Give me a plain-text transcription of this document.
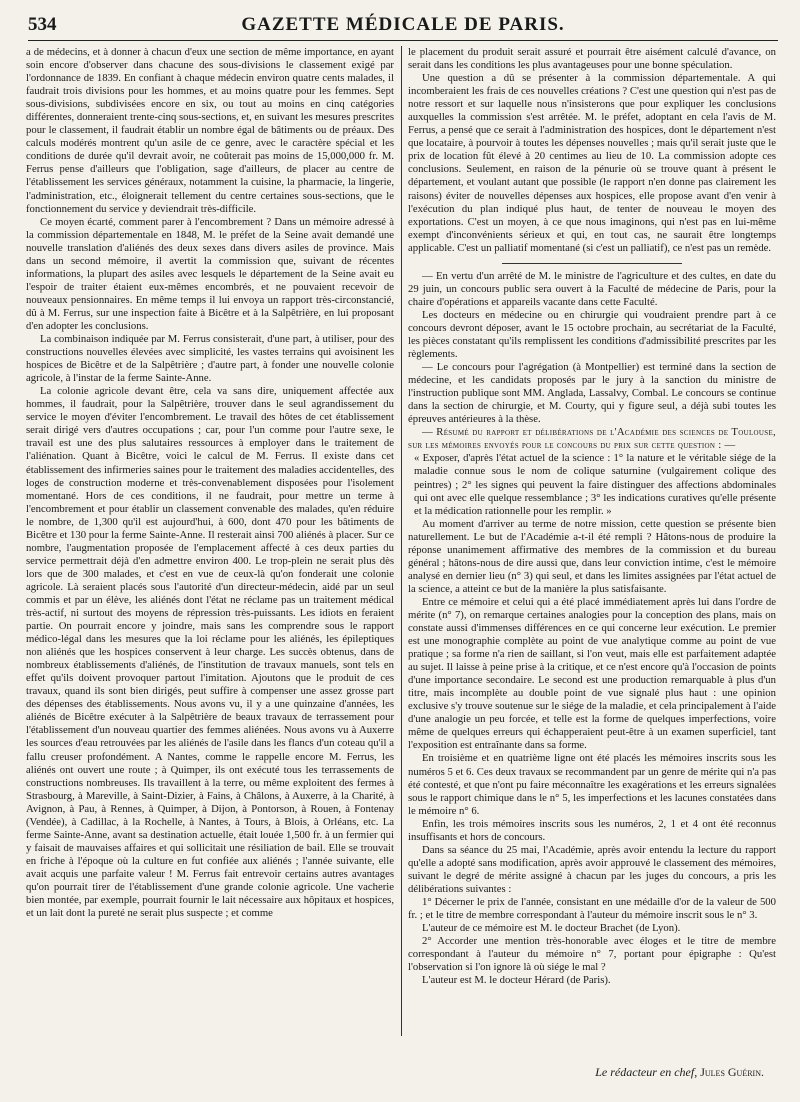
534	GAZETTE MÉDICALE DE PARIS.

a de médecins, et à donner à chacun d'eux une section de même importance, en ayant soin encore d'observer dans chacune des sous-divisions le classement exigé par l'ordonnance de 1839. En confiant à chaque médecin environ quatre cents malades, il faudrait trois divisions pour les hommes, et au moins quatre pour les femmes. Sept sous-divisions, subdivisées encore en six, ou tout au moins en cinq catégories différentes, donneraient trente-cinq sous-sections, et, en suivant les mesures prescrites pour le classement, il faudrait établir un nombre égal de bâtiments ou de préaux. Des calculs modérés montrent qu'un asile de ce genre, avec le caractère spécial et les conditions de durée qu'il devrait avoir, ne coûterait pas moins de 15,000,000 fr. M. Ferrus pense d'ailleurs que l'obligation, sage d'ailleurs, de placer au centre de l'établissement les services généraux, notamment la cuisine, la pharmacie, la lingerie, l'administration, etc., éloignerait tellement du centre certaines sous-sections, que le fonctionnement du service y deviendrait très-difficile.

Ce moyen écarté, comment parer à l'encombrement ? Dans un mémoire adressé à la commission départementale en 1848, M. le préfet de la Seine avait demandé une nouvelle translation d'aliénés des deux sexes dans divers asiles de province. Mais dans un second mémoire, il avertit la commission que, suivant de récentes informations, la plupart des asiles avec lesquels le département de la Seine avait eu l'espoir de traiter étaient eux-mêmes encombrés, et ne pouvaient recevoir de nouveaux pensionnaires. En même temps il lui envoya un rapport très-circonstancié, dû à M. Ferrus, sur une inspection faite à Bicêtre et à la Salpêtrière, en lui proposant d'en adopter les conclusions.

La combinaison indiquée par M. Ferrus consisterait, d'une part, à utiliser, pour des constructions nouvelles élevées avec simplicité, les vastes terrains qui avoisinent les hospices de Bicêtre et de la Salpêtrière ; d'autre part, à fonder une nouvelle colonie agricole, à l'instar de la ferme Sainte-Anne.

La colonie agricole devant être, cela va sans dire, uniquement affectée aux hommes, il faudrait, pour la Salpêtrière, trouver dans le seul agrandissement du service le moyen d'éviter l'encombrement. Le travail des hôtes de cet établissement serait dirigé vers d'autres occupations ; car, pour l'un comme pour l'autre sexe, le travail est une des plus salutaires ressources à employer dans le traitement de l'aliénation. Quant à Bicêtre, voici le calcul de M. Ferrus. Il existe dans cet établissement des infirmeries saines pour le traitement des maladies accidentelles, des loges de construction moderne et très-convenablement disposées pour l'isolement momentané. Hors de ces conditions, il ne faudrait, pour mettre un terme à l'encombrement et pour établir un classement convenable des malades, qu'en réduire le nombre, de 1,300 qu'il est aujourd'hui, à 600, dont 470 pour les bâtiments de Bicêtre et 130 pour la ferme Sainte-Anne. Il resterait ainsi 700 aliénés à placer. Sur ce nombre, l'augmentation proposée de l'emplacement affecté à ces deux parties du service permettrait déjà d'en admettre environ 400. Le trop-plein ne serait plus dès lors que de 300 malades, et c'est en vue de ceux-là qu'on fonderait une colonie agricole. Là seraient placés sous l'autorité d'un directeur-médecin, aidé par un seul commis et par un élève, les aliénés dont l'état ne réclame pas un traitement médical très-actif, ni surtout des moyens de répression très-puissants. Les idiots en feraient partie. On pourrait encore y joindre, mais sans les comprendre sous le rapport médico-légal dans les mesures que la loi réclame pour les aliénés, les épileptiques non aliénés que les hospices conservent à leur charge. Les succès obtenus, dans de nombreux établissements d'aliénés, de l'institution de travaux manuels, sont tels en effet qu'ils doivent provoquer partout l'imitation. Ajoutons que le produit de ces travaux, quand ils sont bien dirigés, peut suffire à compenser une assez grosse part des dépenses des établissements. Nous avons vu, il y a une quinzaine d'années, les aliénés de Bicêtre exécuter à la Salpêtrière de beaux travaux de terrassement pour l'établissement d'un nouveau quartier des femmes aliénées. Nous avons vu à Auxerre les sources d'eau retrouvées par les aliénés de l'asile dans les flancs d'un coteau qu'il a fallu creuser profondément. A Nantes, comme le rappelle encore M. Ferrus, les aliénés ont ouvert une route ; à Quimper, ils ont exécuté tous les terrassements de constructions nombreuses. Ils travaillent à la terre, ou même exploitent des fermes à Strasbourg, à Mareville, à Saint-Dizier, à Fains, à Châlons, à Auxerre, à la Charité, à Avignon, à Pau, à Rennes, à Quimper, à Dijon, à Pontorson, à Rouen, à Fontenay (Vendée), à Cadillac, à la Rochelle, à Nantes, à Tours, à Blois, à Orléans, etc. La ferme Sainte-Anne, avant sa destination actuelle, était louée 1,500 fr. à un fermier qui y faisait de mauvaises affaires et qui sollicitait une résiliation de bail. Elle se trouvait en friche à l'époque où la culture en fut confiée aux aliénés ; l'année suivante, elle avait acquis une parfaite valeur ! M. Ferrus fait entrevoir certains autres avantages qu'on pourrait tirer de l'établissement d'une grande colonie agricole. Une vacherie bien montée, par exemple, pourrait fournir le lait nécessaire aux hôpitaux et hospices, et un lait dont la pureté ne serait plus suspecte ; et comme

le placement du produit serait assuré et pourrait être aisément calculé d'avance, on serait dans les conditions les plus avantageuses pour une bonne spéculation.

Une question a dû se présenter à la commission départementale. A qui incomberaient les frais de ces nouvelles créations ? C'est une question qui n'est pas de notre ressort et sur laquelle nous n'insisterons que pour expliquer les conclusions auxquelles la commission s'est arrêtée. M. le préfet, adoptant en cela l'avis de M. Ferrus, a pensé que ce serait à l'administration des hospices, dont le département n'est que locataire, à pourvoir à toutes les dépenses nouvelles ; mais qu'il serait juste que le prix de location fût élevé à 20 centimes au lieu de 10. La commission adopte ces conclusions. Seulement, en raison de la pénurie où se trouve quant à présent le département, et voulant autant que possible (le rapport n'en donne pas clairement les raisons) éviter de nouvelles dépenses aux hospices, elle propose avant d'en venir à l'exécution du plan indiqué plus haut, de tenter de nouveau le moyen des exportations. C'est un moyen, à ce que nous imaginons, qui n'est pas en lui-même exempt d'inconvénients sérieux et qui, en tout cas, ne saurait être longtemps applicable. C'est un palliatif momentané (si c'est un palliatif), ce n'est pas un remède.

— En vertu d'un arrêté de M. le ministre de l'agriculture et des cultes, en date du 29 juin, un concours public sera ouvert à la Faculté de médecine de Paris, pour la chaire d'opérations et appareils vacante dans cette Faculté.

Les docteurs en médecine ou en chirurgie qui voudraient prendre part à ce concours devront déposer, avant le 15 octobre prochain, au secrétariat de la Faculté, les pièces constatant qu'ils remplissent les conditions d'admissibilité prescrites par les règlements.

— Le concours pour l'agrégation (à Montpellier) est terminé dans la section de médecine, et les candidats proposés par le jury à la sanction du ministre de l'instruction publique sont MM. Anglada, Lassalvy, Combal. Le concours se continue dans la section de chirurgie, et M. Courty, qui y figure seul, a déjà subi toutes les épreuves antérieures à la thèse.

— Résumé du rapport et délibérations de l'Académie des sciences de Toulouse, sur les mémoires envoyés pour le concours du prix sur cette question : —

« Exposer, d'après l'état actuel de la science : 1° la nature et le véritable siége de la maladie connue sous le nom de colique saturnine (vulgairement colique des peintres) ; 2° les signes qui peuvent la faire distinguer des affections abdominales qui ont avec elle quelque ressemblance ; 3° les indications curatives qu'elle présente et la médication rationnelle pour les remplir. »

Au moment d'arriver au terme de notre mission, cette question se présente bien naturellement. Le but de l'Académie a-t-il été rempli ? Hâtons-nous de produire la réponse unanimement affirmative des membres de la commission et du bureau général ; hâtons-nous de dire aussi que, dans leur conviction intime, c'est le mémoire analysé en dernier lieu (n° 3) qui seul, et dans les limites assignées par l'état actuel de la science, a atteint ce but de la manière la plus satisfaisante.

Entre ce mémoire et celui qui a été placé immédiatement après lui dans l'ordre de mérite (n° 7), on remarque certaines analogies pour la conception des plans, mais on constate aussi d'immenses différences en ce qui concerne leur exécution. Le premier est une monographie complète au point de vue analytique comme au point de vue pratique ; sa forme n'a rien de saillant, si l'on veut, mais elle est parfaitement adaptée au sujet. Il laisse à peine prise à la critique, et ce n'est encore qu'à l'occasion de points d'une importance secondaire. Le second est une production remarquable à plus d'un titre, mais incomplète au double point de vue signalé plus haut : une opinion exclusive s'y trouve soutenue sur le siége de la maladie, et cela principalement à l'aide d'une analogie un peu forcée, et telle est la forme de quelques imperfections, voire même de quelques erreurs qui échapperaient peut-être à un examen superficiel, tant l'exposition est entraînante dans sa forme.

En troisième et en quatrième ligne ont été placés les mémoires inscrits sous les numéros 5 et 6. Ces deux travaux se recommandent par un genre de mérite qui n'a pas été contesté, et que n'ont pu faire méconnaître les exagérations et les erreurs signalées sous le rapport chimique dans le n° 5, les imperfections et les lacunes constatées dans le mémoire n° 6.

Enfin, les trois mémoires inscrits sous les numéros, 2, 1 et 4 ont été reconnus insuffisants et hors de concours.

Dans sa séance du 25 mai, l'Académie, après avoir entendu la lecture du rapport qu'elle a adopté sans modification, après avoir approuvé le classement des mémoires, suivant le degré de mérite assigné à chacun par les juges du concours, a pris les délibérations suivantes :

1° Décerner le prix de l'année, consistant en une médaille d'or de la valeur de 500 fr. ; et le titre de membre correspondant à l'auteur du mémoire inscrit sous le n° 3.

L'auteur de ce mémoire est M. le docteur Brachet (de Lyon).

2° Accorder une mention très-honorable avec éloges et le titre de membre correspondant à l'auteur du mémoire n° 7, portant pour épigraphe : Qu'est l'observation si l'on ignore là où siége le mal ?

L'auteur est M. le docteur Hérard (de Paris).

Le rédacteur en chef, Jules Guérin.
